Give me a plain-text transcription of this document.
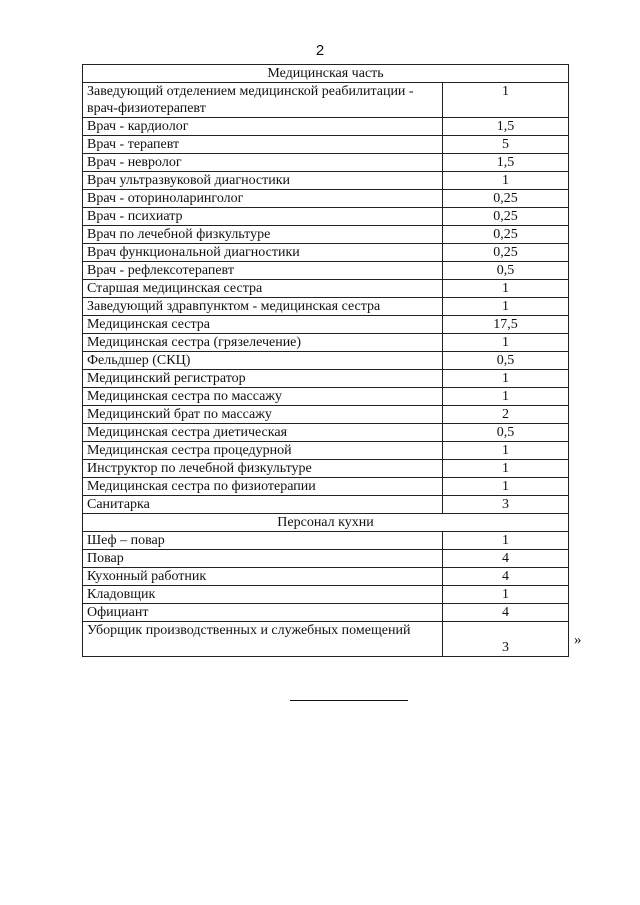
2
Медицинская часть	
Заведующий отделением медицинской реабилитации - врач-физиотерапевт	1
Врач - кардиолог	1,5
Врач - терапевт	5
Врач - невролог	1,5
Врач ультразвуковой диагностики	1
Врач - оториноларинголог	0,25
Врач - психиатр	0,25
Врач по лечебной физкультуре	0,25
Врач функциональной диагностики	0,25
Врач - рефлексотерапевт	0,5
Старшая медицинская сестра	1
Заведующий здравпунктом - медицинская сестра	1
Медицинская сестра	17,5
Медицинская сестра (грязелечение)	1
Фельдшер (СКЦ)	0,5
Медицинский регистратор	1
Медицинская сестра по массажу	1
Медицинский брат по массажу	2
Медицинская сестра диетическая	0,5
Медицинская сестра процедурной	1
Инструктор по лечебной физкультуре	1
Медицинская сестра по физиотерапии	1
Санитарка	3
Персонал кухни	
Шеф – повар	1
Повар	4
Кухонный работник	4
Кладовщик	1
Официант	4
Уборщик производственных и служебных помещений	3	»
